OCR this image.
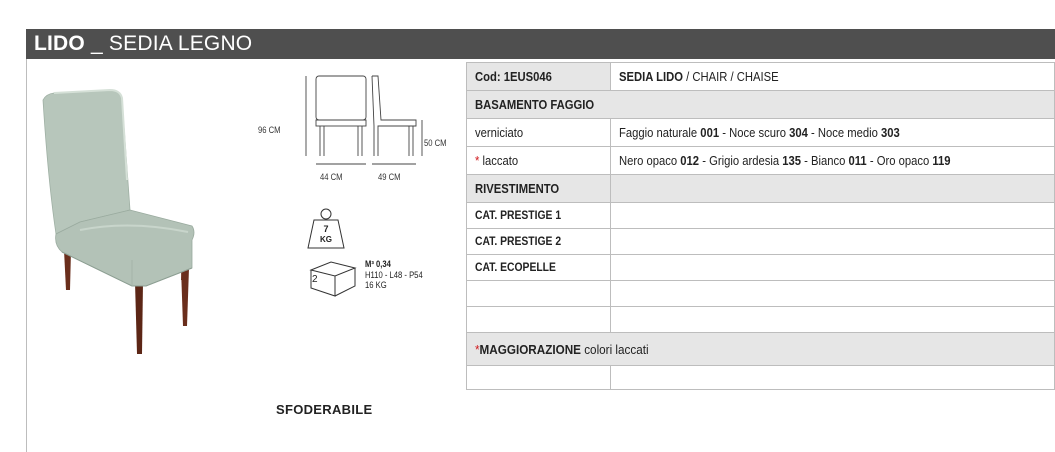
LIDO _ SEDIA LEGNO
96 CM
50 CM
44 CM	49 CM
7
KG
2
M³ 0,34
H110 - L48 - P54
16 KG
SFODERABILE
Cod: 1EUS046	SEDIA LIDO / CHAIR / CHAISE
BASAMENTO FAGGIO	
verniciato	Faggio naturale 001 - Noce scuro 304 - Noce medio 303
* laccato	Nero opaco 012 - Grigio ardesia 135 - Bianco 011 - Oro opaco 119
RIVESTIMENTO	
CAT. PRESTIGE 1	
CAT. PRESTIGE 2	
CAT. ECOPELLE	

*MAGGIORAZIONE colori laccati	
